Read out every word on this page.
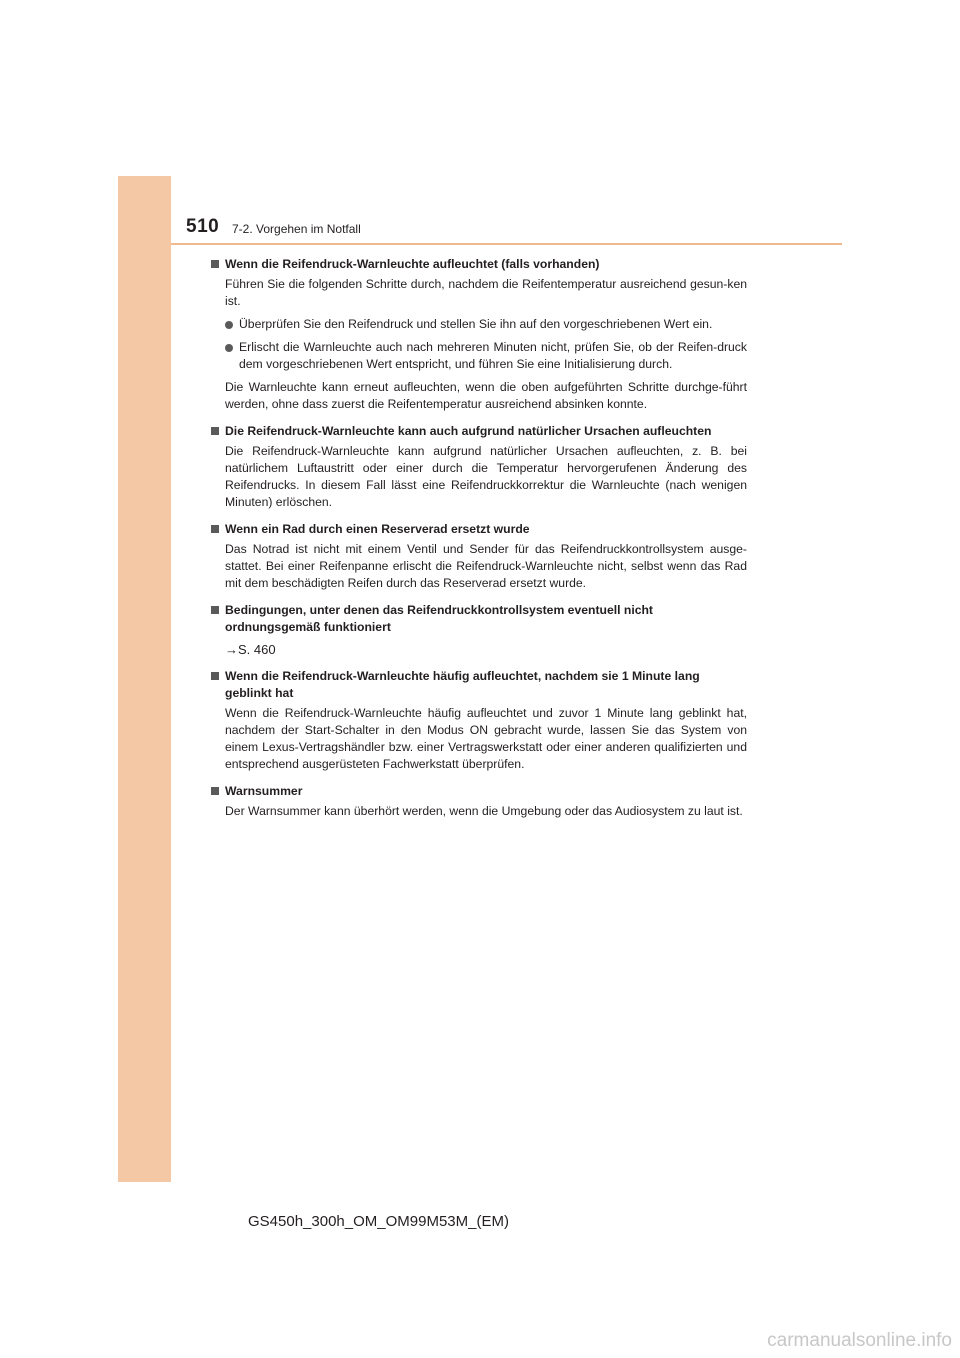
510 7-2. Vorgehen im Notfall
Wenn die Reifendruck-Warnleuchte aufleuchtet (falls vorhanden)
Führen Sie die folgenden Schritte durch, nachdem die Reifentemperatur ausreichend gesun-ken ist.
Überprüfen Sie den Reifendruck und stellen Sie ihn auf den vorgeschriebenen Wert ein.
Erlischt die Warnleuchte auch nach mehreren Minuten nicht, prüfen Sie, ob der Reifen-druck dem vorgeschriebenen Wert entspricht, und führen Sie eine Initialisierung durch.
Die Warnleuchte kann erneut aufleuchten, wenn die oben aufgeführten Schritte durchge-führt werden, ohne dass zuerst die Reifentemperatur ausreichend absinken konnte.
Die Reifendruck-Warnleuchte kann auch aufgrund natürlicher Ursachen aufleuchten
Die Reifendruck-Warnleuchte kann aufgrund natürlicher Ursachen aufleuchten, z. B. bei natürlichem Luftaustritt oder einer durch die Temperatur hervorgerufenen Änderung des Reifendrucks. In diesem Fall lässt eine Reifendruckkorrektur die Warnleuchte (nach wenigen Minuten) erlöschen.
Wenn ein Rad durch einen Reserverad ersetzt wurde
Das Notrad ist nicht mit einem Ventil und Sender für das Reifendruckkontrollsystem ausge-stattet. Bei einer Reifenpanne erlischt die Reifendruck-Warnleuchte nicht, selbst wenn das Rad mit dem beschädigten Reifen durch das Reserverad ersetzt wurde.
Bedingungen, unter denen das Reifendruckkontrollsystem eventuell nicht ordnungsgemäß funktioniert
→S. 460
Wenn die Reifendruck-Warnleuchte häufig aufleuchtet, nachdem sie 1 Minute lang geblinkt hat
Wenn die Reifendruck-Warnleuchte häufig aufleuchtet und zuvor 1 Minute lang geblinkt hat, nachdem der Start-Schalter in den Modus ON gebracht wurde, lassen Sie das System von einem Lexus-Vertragshändler bzw. einer Vertragswerkstatt oder einer anderen qualifizierten und entsprechend ausgerüsteten Fachwerkstatt überprüfen.
Warnsummer
Der Warnsummer kann überhört werden, wenn die Umgebung oder das Audiosystem zu laut ist.
GS450h_300h_OM_OM99M53M_(EM)
carmanualsonline.info
